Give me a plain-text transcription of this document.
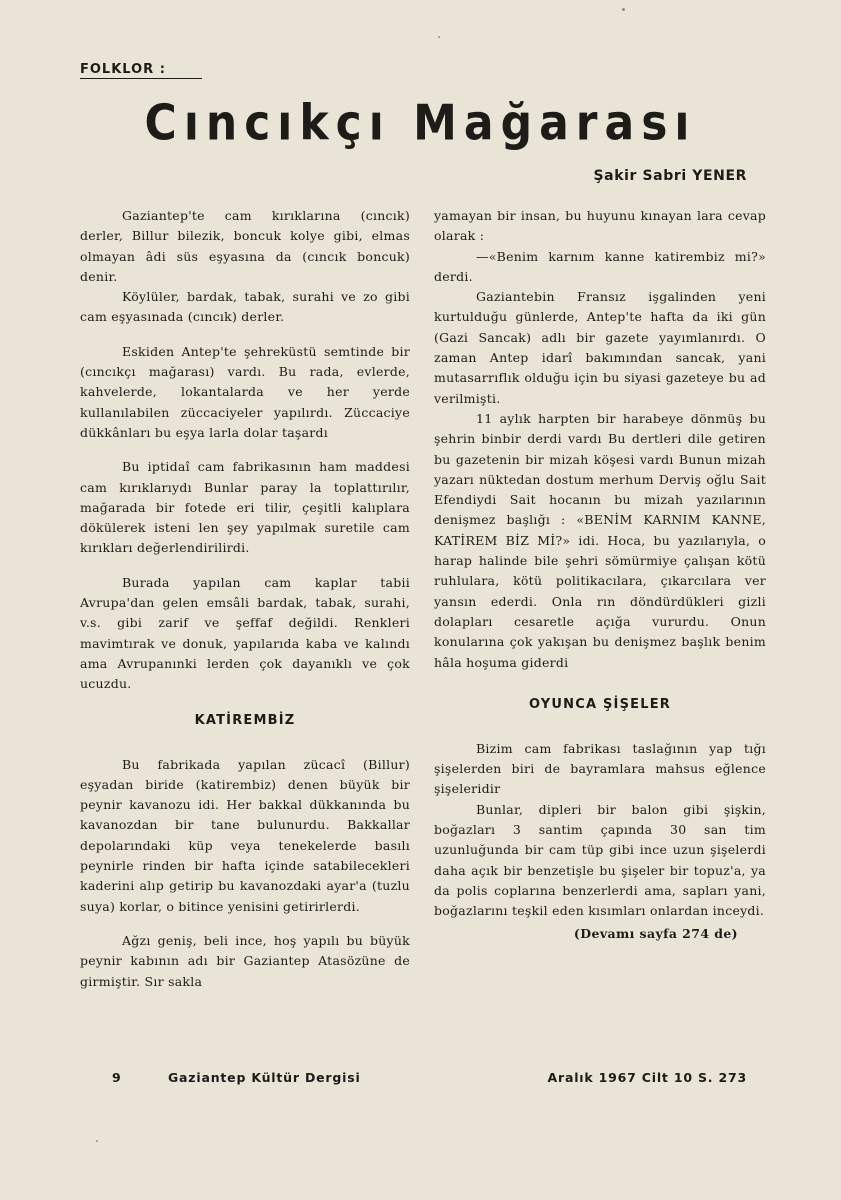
FOLKLOR :
Cıncıkçı Mağarası
Şakir Sabri YENER

Gaziantep'te cam kırıklarına (cıncık) derler, Billur bilezik, boncuk kolye gibi, elmas olmayan âdi süs eşyasına da (cıncık boncuk) denir.

Köylüler, bardak, tabak, surahi ve zo gibi cam eşyasınada (cıncık) derler.

Eskiden Antep'te şehreküstü semtinde bir (cıncıkçı mağarası) vardı. Bu rada, evlerde, kahvelerde, lokantalarda ve her yerde kullanılabilen züccaciyeler yapılırdı. Züccaciye dükkânları bu eşya larla dolar taşardı

Bu iptidaî cam fabrikasının ham maddesi cam kırıklarıydı Bunlar paray la toplattırılır, mağarada bir fotede eri tilir, çeşitli kalıplara dökülerek isteni len şey yapılmak suretile cam kırıkları değerlendirilirdi.

Burada yapılan cam kaplar tabii Avrupa'dan gelen emsâli bardak, tabak, surahi, v.s. gibi zarif ve şeffaf değildi. Renkleri mavimtırak ve donuk, yapılarıda kaba ve kalındı ama Avrupanınki lerden çok dayanıklı ve çok ucuzdu.

KATİREMBİZ

Bu fabrikada yapılan zücacî (Billur) eşyadan biride (katirembiz) denen büyük bir peynir kavanozu idi. Her bakkal dükkanında bu kavanozdan bir tane bulunurdu. Bakkallar depolarındaki küp veya tenekelerde basılı peynirle rinden bir hafta içinde satabilecekleri kaderini alıp getirip bu kavanozdaki ayar'a (tuzlu suya) korlar, o bitince yenisini getirirlerdi.

Ağzı geniş, beli ince, hoş yapılı bu büyük peynir kabının adı bir Gaziantep Atasözüne de girmiştir. Sır sakla

yamayan bir insan, bu huyunu kınayan lara cevap olarak :

—«Benim karnım kanne katirembiz mi?» derdi.

Gaziantebin Fransız işgalinden yeni kurtulduğu günlerde, Antep'te hafta da iki gün (Gazi Sancak) adlı bir gazete yayımlanırdı. O zaman Antep idarî bakımından sancak, yani mutasarrıflık olduğu için bu siyasi gazeteye bu ad verilmişti.

11 aylık harpten bir harabeye dönmüş bu şehrin binbir derdi vardı Bu dertleri dile getiren bu gazetenin bir mizah köşesi vardı Bunun mizah yazarı nüktedan dostum merhum Derviş oğlu Sait Efendiydi Sait hocanın bu mizah yazılarının denişmez başlığı : «BENİM KARNIM KANNE, KATİREM BİZ Mİ?» idi. Hoca, bu yazılarıyla, o harap halinde bile şehri sömürmiye çalışan kötü ruhlulara, kötü politikacılara, çıkarcılara ver yansın ederdi. Onla rın döndürdükleri gizli dolapları cesaretle açığa vururdu. Onun konularına çok yakışan bu denişmez başlık benim hâla hoşuma giderdi

OYUNCA ŞİŞELER

Bizim cam fabrikası taslağının yap tığı şişelerden biri de bayramlara mahsus eğlence şişeleridir

Bunlar, dipleri bir balon gibi şişkin, boğazları 3 santim çapında 30 san tim uzunluğunda bir cam tüp gibi ince uzun şişelerdi daha açık bir benzetişle bu şişeler bir topuz'a, ya da polis coplarına benzerlerdi ama, sapları yani, boğazlarını teşkil eden kısımları onlardan inceydi.

(Devamı sayfa 274 de)

9	Gaziantep Kültür Dergisi	Aralık 1967 Cilt 10 S. 273
